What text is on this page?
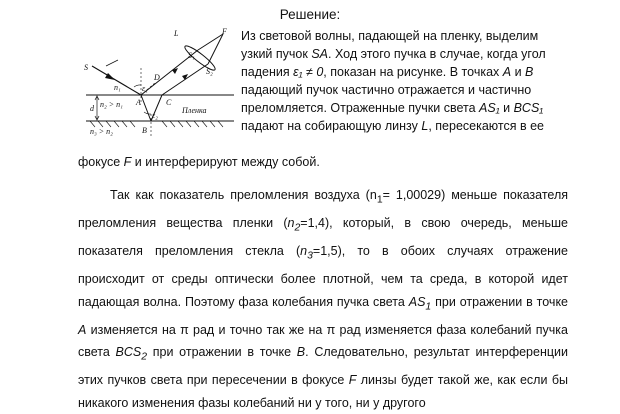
Решение:
S
L	F
S₁
S₂
n₁
D
ε₁
n₂ > n₁ A	C
d	Пленка
ε₂
B
n₃ > n₂

Из световой волны, падающей на пленку, выделим
узкий пучок SA. Ход этого пучка в случае, когда угол
падения ε₁ ≠ 0, показан на рисунке. В точках A и B
падающий пучок частично отражается и частично
преломляется. Отраженные пучки света AS₁ и BCS₁
падают на собирающую линзу L, пересекаются в ее

фокусе F и интерферируют между собой.

Так как показатель преломления воздуха $(n_1= 1,00029)$ меньше показателя преломления вещества пленки $(n_2=1,4)$, который, в свою очередь, меньше показателя преломления стекла $(n_3=1,5)$, то в обоих случаях отражение происходит от среды оптически более плотной, чем та среда, в которой идет падающая волна. Поэтому фаза колебания пучка света $AS_1$ при отражении в точке A изменяется на π рад и точно так же на π рад изменяется фаза колебаний пучка света $BCS_2$ при отражении в точке B. Следовательно, результат интерференции этих пучков света при пересечении в фокусе F линзы будет такой же, как если бы никакого изменения фазы колебаний ни у того, ни у другого
